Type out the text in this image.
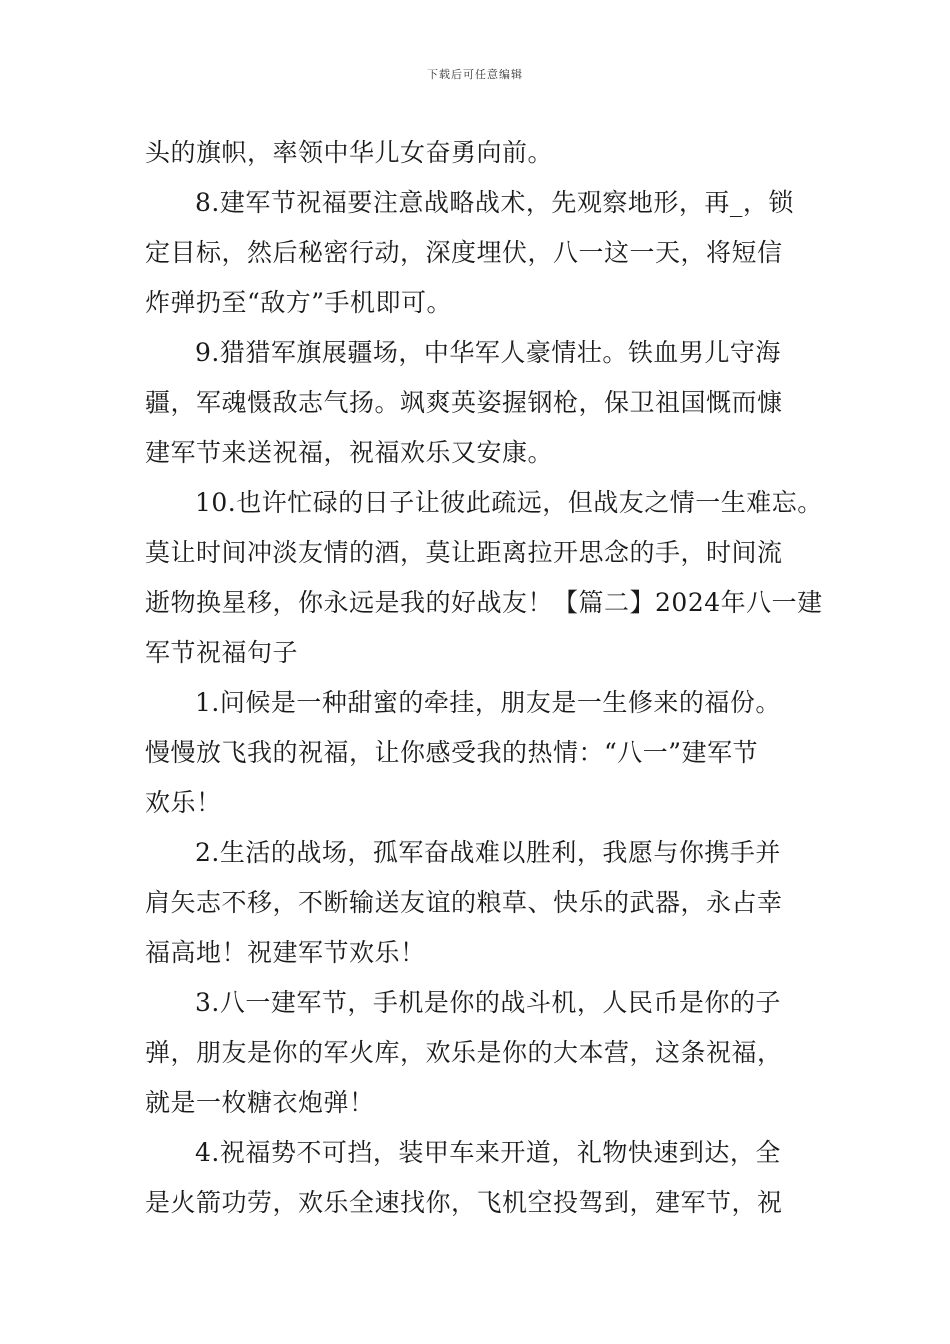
下载后可任意编辑
头的旗帜，率领中华儿女奋勇向前。
8.建军节祝福要注意战略战术，先观察地形，再_，锁
定目标，然后秘密行动，深度埋伏，八一这一天，将短信
炸弹扔至“敌方”手机即可。
9.猎猎军旗展疆场，中华军人豪情壮。铁血男儿守海
疆，军魂慑敌志气扬。飒爽英姿握钢枪，保卫祖国慨而慷
建军节来送祝福，祝福欢乐又安康。
10.也许忙碌的日子让彼此疏远，但战友之情一生难忘。
莫让时间冲淡友情的酒，莫让距离拉开思念的手，时间流
逝物换星移，你永远是我的好战友！【篇二】2024年八一建
军节祝福句子
1.问候是一种甜蜜的牵挂，朋友是一生修来的福份。
慢慢放飞我的祝福，让你感受我的热情：“八一”建军节
欢乐！
2.生活的战场，孤军奋战难以胜利，我愿与你携手并
肩矢志不移，不断输送友谊的粮草、快乐的武器，永占幸
福高地！祝建军节欢乐！
3.八一建军节，手机是你的战斗机，人民币是你的子
弹，朋友是你的军火库，欢乐是你的大本营，这条祝福，
就是一枚糖衣炮弹！
4.祝福势不可挡，装甲车来开道，礼物快速到达，全
是火箭功劳，欢乐全速找你，飞机空投驾到，建军节，祝
